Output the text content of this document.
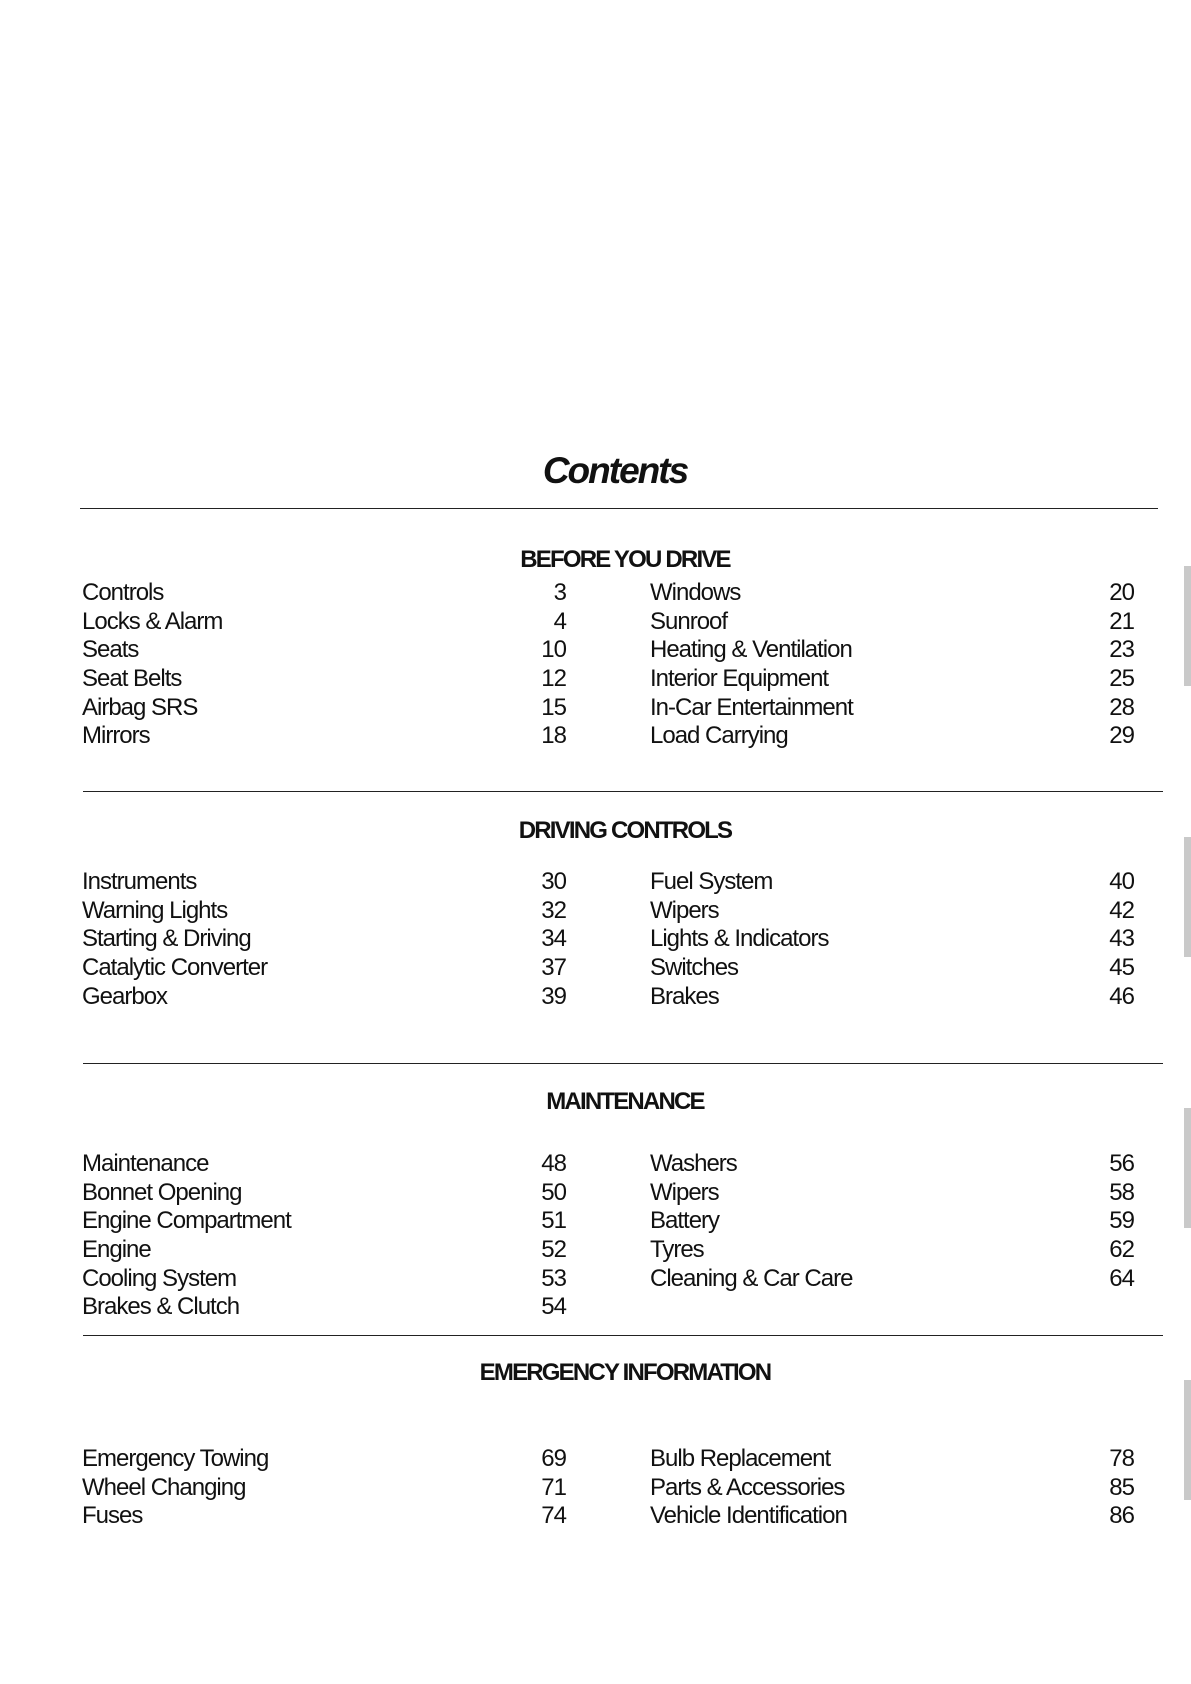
Contents
BEFORE YOU DRIVE
Controls	3
Locks & Alarm	4
Seats	10
Seat Belts	12
Airbag SRS	15
Mirrors	18
Windows	20
Sunroof	21
Heating & Ventilation	23
Interior Equipment	25
In-Car Entertainment	28
Load Carrying	29
DRIVING CONTROLS
Instruments	30
Warning Lights	32
Starting & Driving	34
Catalytic Converter	37
Gearbox	39
Fuel System	40
Wipers	42
Lights & Indicators	43
Switches	45
Brakes	46
MAINTENANCE
Maintenance	48
Bonnet Opening	50
Engine Compartment	51
Engine	52
Cooling System	53
Brakes & Clutch	54
Washers	56
Wipers	58
Battery	59
Tyres	62
Cleaning & Car Care	64
EMERGENCY INFORMATION
Emergency Towing	69
Wheel Changing	71
Fuses	74
Bulb Replacement	78
Parts & Accessories	85
Vehicle Identification	86
